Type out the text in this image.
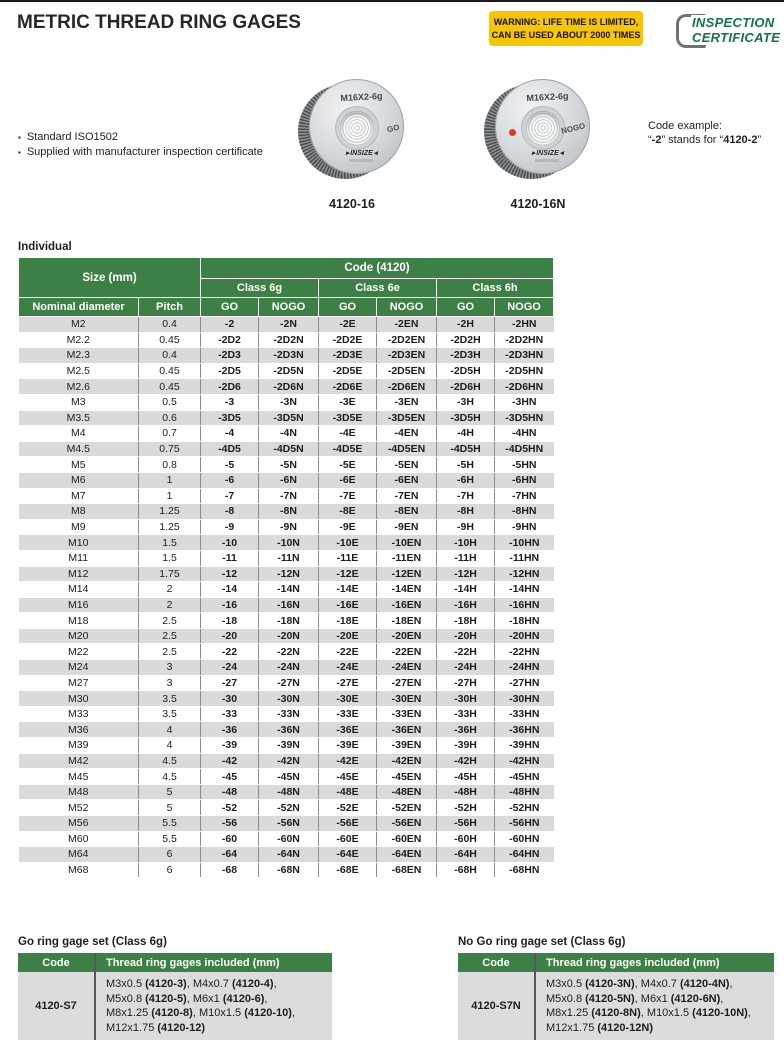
METRIC THREAD RING GAGES	WARNING: LIFE TIME IS LIMITED,
CAN BE USED ABOUT 2000 TIMES
INSPECTION
CERTIFICATE
M16X2-6g
GO
▸ INSIZE ◂
4120-16
M16X2-6g
NOGO
▸ INSIZE ◂
4120-16N
▪ Standard ISO1502
▪ Supplied with manufacturer inspection certificate
Code example:
“-2” stands for “4120-2”
Individual
Size (mm)		Code (4120)					
		Class 6g		Class 6e		Class 6h	
Nominal diameter	Pitch	GO	NOGO	GO	NOGO	GO	NOGO
M2	0.4	-2	-2N	-2E	-2EN	-2H	-2HN
M2.2	0.45	-2D2	-2D2N	-2D2E	-2D2EN	-2D2H	-2D2HN
M2.3	0.4	-2D3	-2D3N	-2D3E	-2D3EN	-2D3H	-2D3HN
M2.5	0.45	-2D5	-2D5N	-2D5E	-2D5EN	-2D5H	-2D5HN
M2.6	0.45	-2D6	-2D6N	-2D6E	-2D6EN	-2D6H	-2D6HN
M3	0.5	-3	-3N	-3E	-3EN	-3H	-3HN
M3.5	0.6	-3D5	-3D5N	-3D5E	-3D5EN	-3D5H	-3D5HN
M4	0.7	-4	-4N	-4E	-4EN	-4H	-4HN
M4.5	0.75	-4D5	-4D5N	-4D5E	-4D5EN	-4D5H	-4D5HN
M5	0.8	-5	-5N	-5E	-5EN	-5H	-5HN
M6	1	-6	-6N	-6E	-6EN	-6H	-6HN
M7	1	-7	-7N	-7E	-7EN	-7H	-7HN
M8	1.25	-8	-8N	-8E	-8EN	-8H	-8HN
M9	1.25	-9	-9N	-9E	-9EN	-9H	-9HN
M10	1.5	-10	-10N	-10E	-10EN	-10H	-10HN
M11	1.5	-11	-11N	-11E	-11EN	-11H	-11HN
M12	1.75	-12	-12N	-12E	-12EN	-12H	-12HN
M14	2	-14	-14N	-14E	-14EN	-14H	-14HN
M16	2	-16	-16N	-16E	-16EN	-16H	-16HN
M18	2.5	-18	-18N	-18E	-18EN	-18H	-18HN
M20	2.5	-20	-20N	-20E	-20EN	-20H	-20HN
M22	2.5	-22	-22N	-22E	-22EN	-22H	-22HN
M24	3	-24	-24N	-24E	-24EN	-24H	-24HN
M27	3	-27	-27N	-27E	-27EN	-27H	-27HN
M30	3.5	-30	-30N	-30E	-30EN	-30H	-30HN
M33	3.5	-33	-33N	-33E	-33EN	-33H	-33HN
M36	4	-36	-36N	-36E	-36EN	-36H	-36HN
M39	4	-39	-39N	-39E	-39EN	-39H	-39HN
M42	4.5	-42	-42N	-42E	-42EN	-42H	-42HN
M45	4.5	-45	-45N	-45E	-45EN	-45H	-45HN
M48	5	-48	-48N	-48E	-48EN	-48H	-48HN
M52	5	-52	-52N	-52E	-52EN	-52H	-52HN
M56	5.5	-56	-56N	-56E	-56EN	-56H	-56HN
M60	5.5	-60	-60N	-60E	-60EN	-60H	-60HN
M64	6	-64	-64N	-64E	-64EN	-64H	-64HN
M68	6	-68	-68N	-68E	-68EN	-68H	-68HN
Go ring gage set (Class 6g)
Code	Thread ring gages included (mm)
4120-S7	M3x0.5 (4120-3), M4x0.7 (4120-4),
M5x0.8 (4120-5), M6x1 (4120-6),
M8x1.25 (4120-8), M10x1.5 (4120-10),
M12x1.75 (4120-12)
No Go ring gage set (Class 6g)
Code	Thread ring gages included (mm)
4120-S7N	M3x0.5 (4120-3N), M4x0.7 (4120-4N),
M5x0.8 (4120-5N), M6x1 (4120-6N),
M8x1.25 (4120-8N), M10x1.5 (4120-10N),
M12x1.75 (4120-12N)
